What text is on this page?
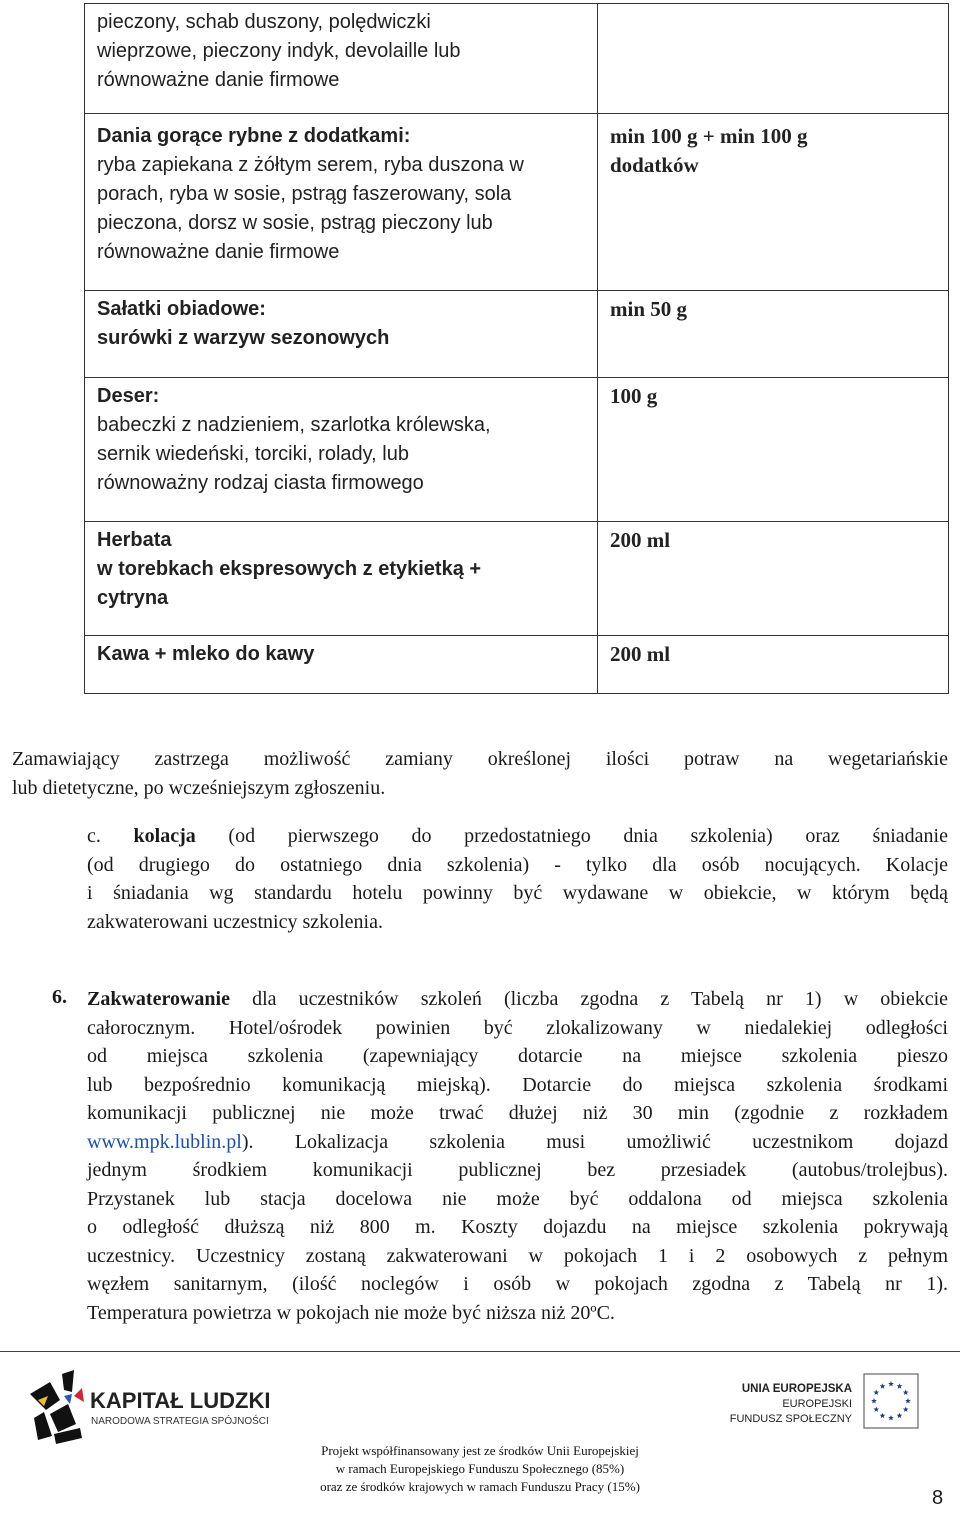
pieczony, schab duszony, polędwiczki
wieprzowe, pieczony indyk, devolaille lub
równoważne danie firmowe	

Dania gorące rybne z dodatkami:
ryba zapiekana z żółtym serem, ryba duszona w
porach, ryba w sosie, pstrąg faszerowany, sola
pieczona, dorsz w sosie, pstrąg pieczony lub
równoważne danie firmowe	min 100 g + min 100 g
dodatków

Sałatki obiadowe:
surówki z warzyw sezonowych	min 50 g

Deser:
babeczki z nadzieniem, szarlotka królewska,
sernik wiedeński, torciki, rolady, lub
równoważny rodzaj ciasta firmowego	100 g

Herbata
w torebkach ekspresowych z etykietką +
cytryna	200 ml

Kawa + mleko do kawy	200 ml
Zamawiający zastrzega możliwość zamiany określonej ilości potraw na wegetariańskie
lub dietetyczne, po wcześniejszym zgłoszeniu.
c. kolacja (od pierwszego do przedostatniego dnia szkolenia) oraz śniadanie
(od drugiego do ostatniego dnia szkolenia) - tylko dla osób nocujących. Kolacje
i śniadania wg standardu hotelu powinny być wydawane w obiekcie, w którym będą
zakwaterowani uczestnicy szkolenia.
6. Zakwaterowanie dla uczestników szkoleń (liczba zgodna z Tabelą nr 1) w obiekcie
całorocznym. Hotel/ośrodek powinien być zlokalizowany w niedalekiej odległości
od miejsca szkolenia (zapewniający dotarcie na miejsce szkolenia pieszo
lub bezpośrednio komunikacją miejską). Dotarcie do miejsca szkolenia środkami
komunikacji publicznej nie może trwać dłużej niż 30 min (zgodnie z rozkładem
www.mpk.lublin.pl). Lokalizacja szkolenia musi umożliwić uczestnikom dojazd
jednym środkiem komunikacji publicznej bez przesiadek (autobus/trolejbus).
Przystanek lub stacja docelowa nie może być oddalona od miejsca szkolenia
o odległość dłuższą niż 800 m. Koszty dojazdu na miejsce szkolenia pokrywają
uczestnicy. Uczestnicy zostaną zakwaterowani w pokojach 1 i 2 osobowych z pełnym
węzłem sanitarnym, (ilość noclegów i osób w pokojach zgodna z Tabelą nr 1).
Temperatura powietrza w pokojach nie może być niższa niż 20ºC.
KAPITAŁ LUDZKI
NARODOWA STRATEGIA SPÓJNOŚCI
UNIA EUROPEJSKA
EUROPEJSKI
FUNDUSZ SPOŁECZNY
Projekt współfinansowany jest ze środków Unii Europejskiej
w ramach Europejskiego Funduszu Społecznego (85%)
oraz ze środków krajowych w ramach Funduszu Pracy (15%)
8
